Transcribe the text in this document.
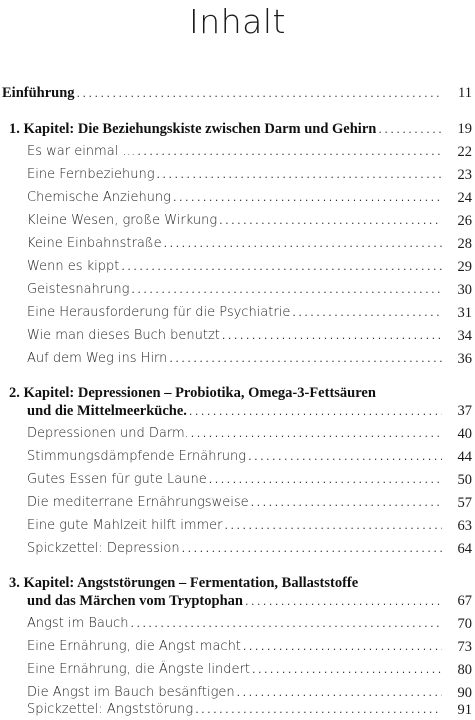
Inhalt
Einführung . . .	11
1. Kapitel: Die Beziehungskiste zwischen Darm und Gehirn . . .	19
Es war einmal … . . .	22
Eine Fernbeziehung . . .	23
Chemische Anziehung . . .	24
Kleine Wesen, große Wirkung . . .	26
Keine Einbahnstraße . . .	28
Wenn es kippt . . .	29
Geistesnahrung . . .	30
Eine Herausforderung für die Psychiatrie . . .	31
Wie man dieses Buch benutzt . . .	34
Auf dem Weg ins Hirn . . .	36
2. Kapitel: Depressionen – Probiotika, Omega-3-Fettsäuren
und die Mittelmeerküche. . . .	37
Depressionen und Darm. . . .	40
Stimmungsdämpfende Ernährung . . .	44
Gutes Essen für gute Laune . . .	50
Die mediterrane Ernährungsweise . . .	57
Eine gute Mahlzeit hilft immer . . .	63
Spickzettel: Depression . . .	64
3. Kapitel: Angststörungen – Fermentation, Ballaststoffe
und das Märchen vom Tryptophan . . .	67
Angst im Bauch . . .	70
Eine Ernährung, die Angst macht . . .	73
Eine Ernährung, die Ängste lindert . . .	80
Die Angst im Bauch besänftigen . . .	90
Spickzettel: Angststörung . . .	91
